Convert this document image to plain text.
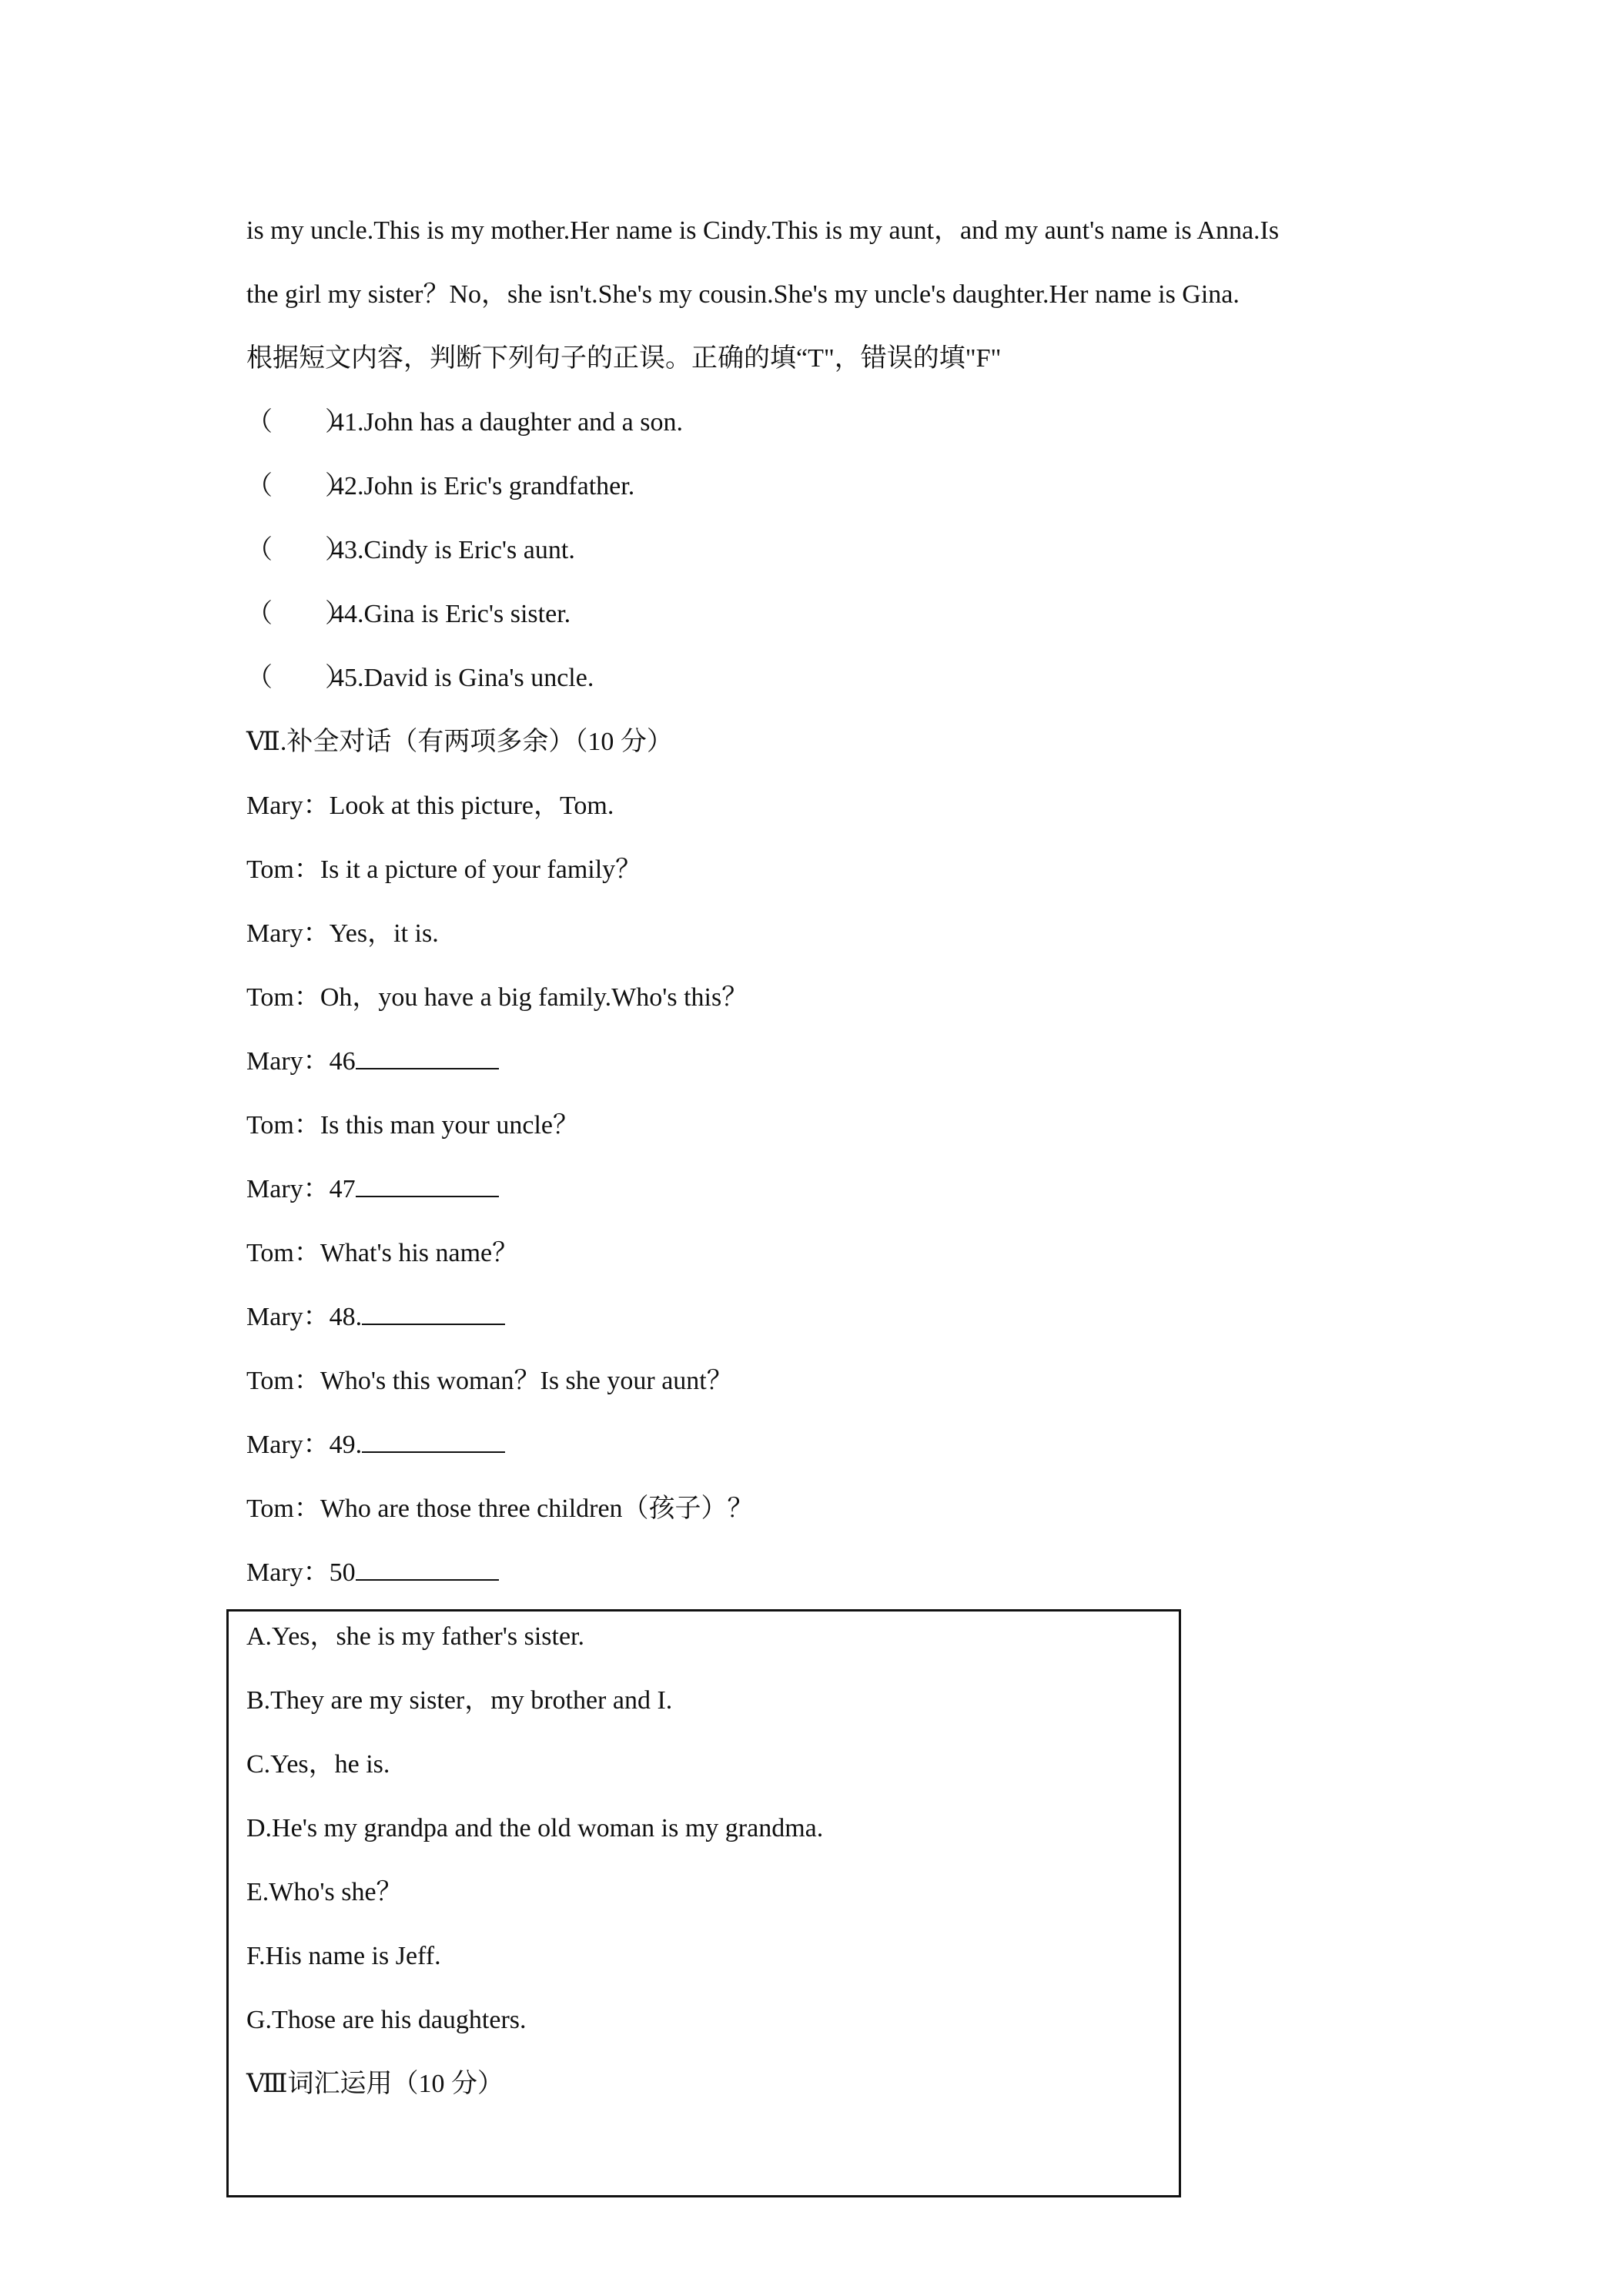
is my uncle.This is my mother.Her name is Cindy.This is my aunt，and my aunt's name is Anna.Is
the girl my sister？No，she isn't.She's my cousin.She's my uncle's daughter.Her name is Gina.
根据短文内容，判断下列句子的正误。正确的填“T"，错误的填"F"
（　　）41.John has a daughter and a son.
（　　）42.John is Eric's grandfather.
（　　）43.Cindy is Eric's aunt.
（　　）44.Gina is Eric's sister.
（　　）45.David is Gina's uncle.
Ⅶ.补全对话（有两项多余）（10 分）
Mary：Look at this picture，Tom.
Tom：Is it a picture of your family？
Mary：Yes，it is.
Tom：Oh，you have a big family.Who's this？
Mary：46
Tom：Is this man your uncle？
Mary：47
Tom：What's his name？
Mary：48.
Tom：Who's this woman？Is she your aunt？
Mary：49.
Tom：Who are those three children（孩子）？
Mary：50
A.Yes，she is my father's sister.
B.They are my sister，my brother and I.
C.Yes，he is.
D.He's my grandpa and the old woman is my grandma.
E.Who's she？
F.His name is Jeff.
G.Those are his daughters.
Ⅷ词汇运用（10 分）
